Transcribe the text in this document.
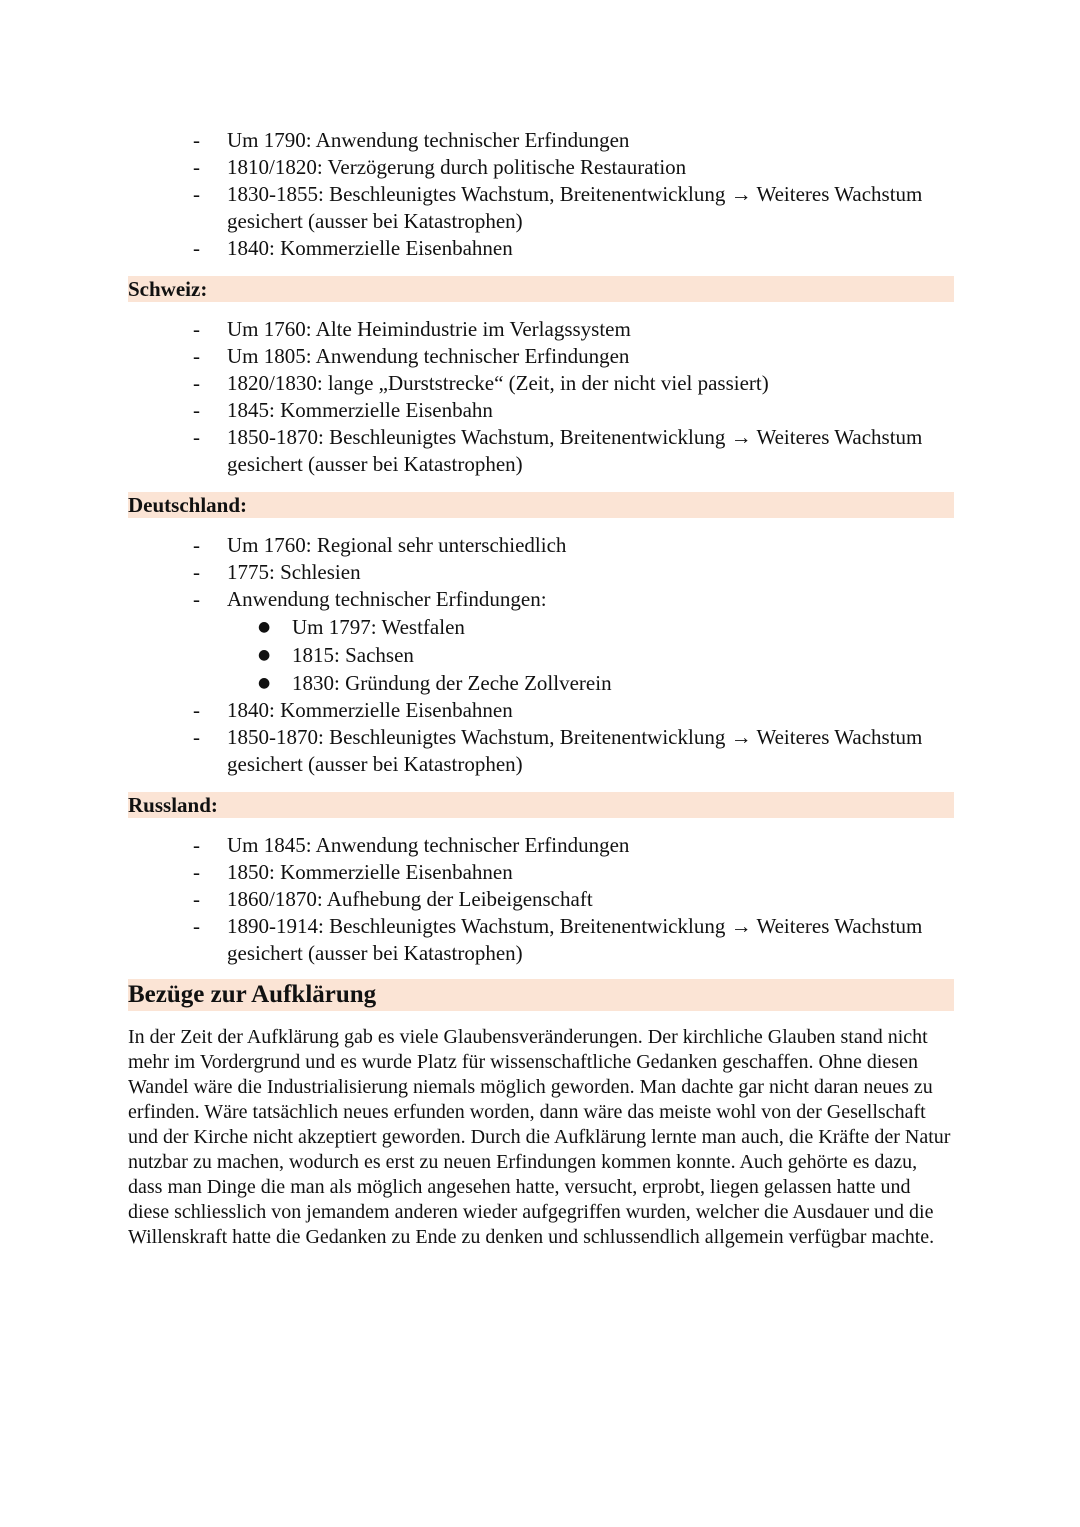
- Um 1790: Anwendung technischer Erfindungen
- 1810/1820: Verzögerung durch politische Restauration
- 1830-1855: Beschleunigtes Wachstum, Breitenentwicklung → Weiteres Wachstum gesichert (ausser bei Katastrophen)
- 1840: Kommerzielle Eisenbahnen
Schweiz:
- Um 1760: Alte Heimindustrie im Verlagssystem
- Um 1805: Anwendung technischer Erfindungen
- 1820/1830: lange „Durststrecke“ (Zeit, in der nicht viel passiert)
- 1845: Kommerzielle Eisenbahn
- 1850-1870: Beschleunigtes Wachstum, Breitenentwicklung → Weiteres Wachstum gesichert (ausser bei Katastrophen)
Deutschland:
- Um 1760: Regional sehr unterschiedlich
- 1775: Schlesien
- Anwendung technischer Erfindungen:
● Um 1797: Westfalen
● 1815: Sachsen
● 1830: Gründung der Zeche Zollverein
- 1840: Kommerzielle Eisenbahnen
- 1850-1870: Beschleunigtes Wachstum, Breitenentwicklung → Weiteres Wachstum gesichert (ausser bei Katastrophen)
Russland:
- Um 1845: Anwendung technischer Erfindungen
- 1850: Kommerzielle Eisenbahnen
- 1860/1870: Aufhebung der Leibeigenschaft
- 1890-1914: Beschleunigtes Wachstum, Breitenentwicklung → Weiteres Wachstum gesichert (ausser bei Katastrophen)
Bezüge zur Aufklärung

In der Zeit der Aufklärung gab es viele Glaubensveränderungen. Der kirchliche Glauben stand nicht mehr im Vordergrund und es wurde Platz für wissenschaftliche Gedanken geschaffen. Ohne diesen Wandel wäre die Industrialisierung niemals möglich geworden. Man dachte gar nicht daran neues zu erfinden. Wäre tatsächlich neues erfunden worden, dann wäre das meiste wohl von der Gesellschaft und der Kirche nicht akzeptiert geworden. Durch die Aufklärung lernte man auch, die Kräfte der Natur nutzbar zu machen, wodurch es erst zu neuen Erfindungen kommen konnte. Auch gehörte es dazu, dass man Dinge die man als möglich angesehen hatte, versucht, erprobt, liegen gelassen hatte und diese schliesslich von jemandem anderen wieder aufgegriffen wurden, welcher die Ausdauer und die Willenskraft hatte die Gedanken zu Ende zu denken und schlussendlich allgemein verfügbar machte.
